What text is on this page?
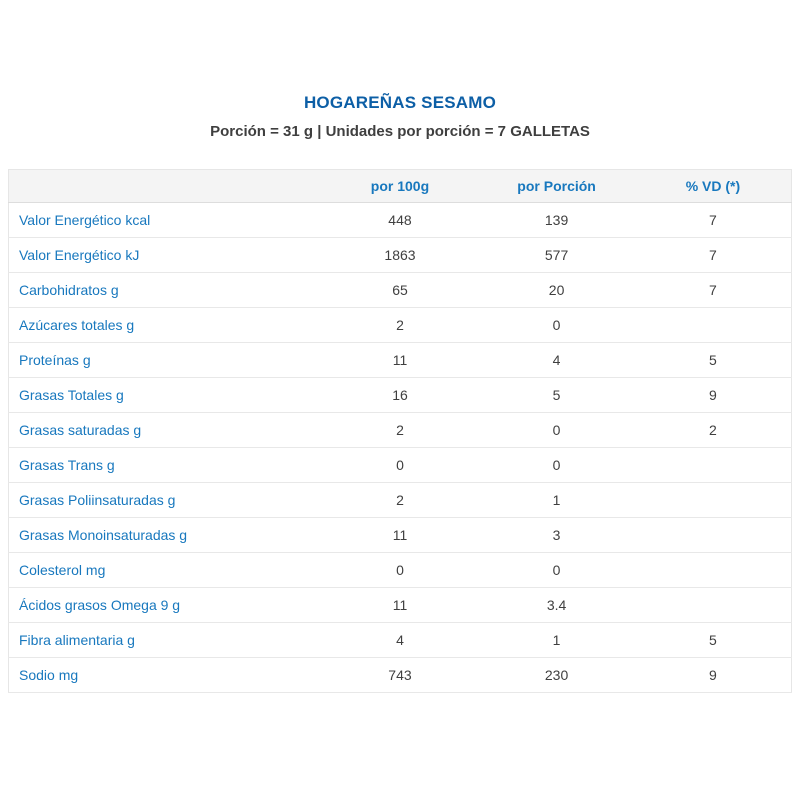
HOGAREÑAS SESAMO
Porción = 31 g | Unidades por porción = 7 GALLETAS
	por 100g	por Porción	% VD (*)
Valor Energético kcal	448	139	7
Valor Energético kJ	1863	577	7
Carbohidratos g	65	20	7
Azúcares totales g	2	0	
Proteínas g	11	4	5
Grasas Totales g	16	5	9
Grasas saturadas g	2	0	2
Grasas Trans g	0	0	
Grasas Poliinsaturadas g	2	1	
Grasas Monoinsaturadas g	11	3	
Colesterol mg	0	0	
Ácidos grasos Omega 9 g	11	3.4	
Fibra alimentaria g	4	1	5
Sodio mg	743	230	9
